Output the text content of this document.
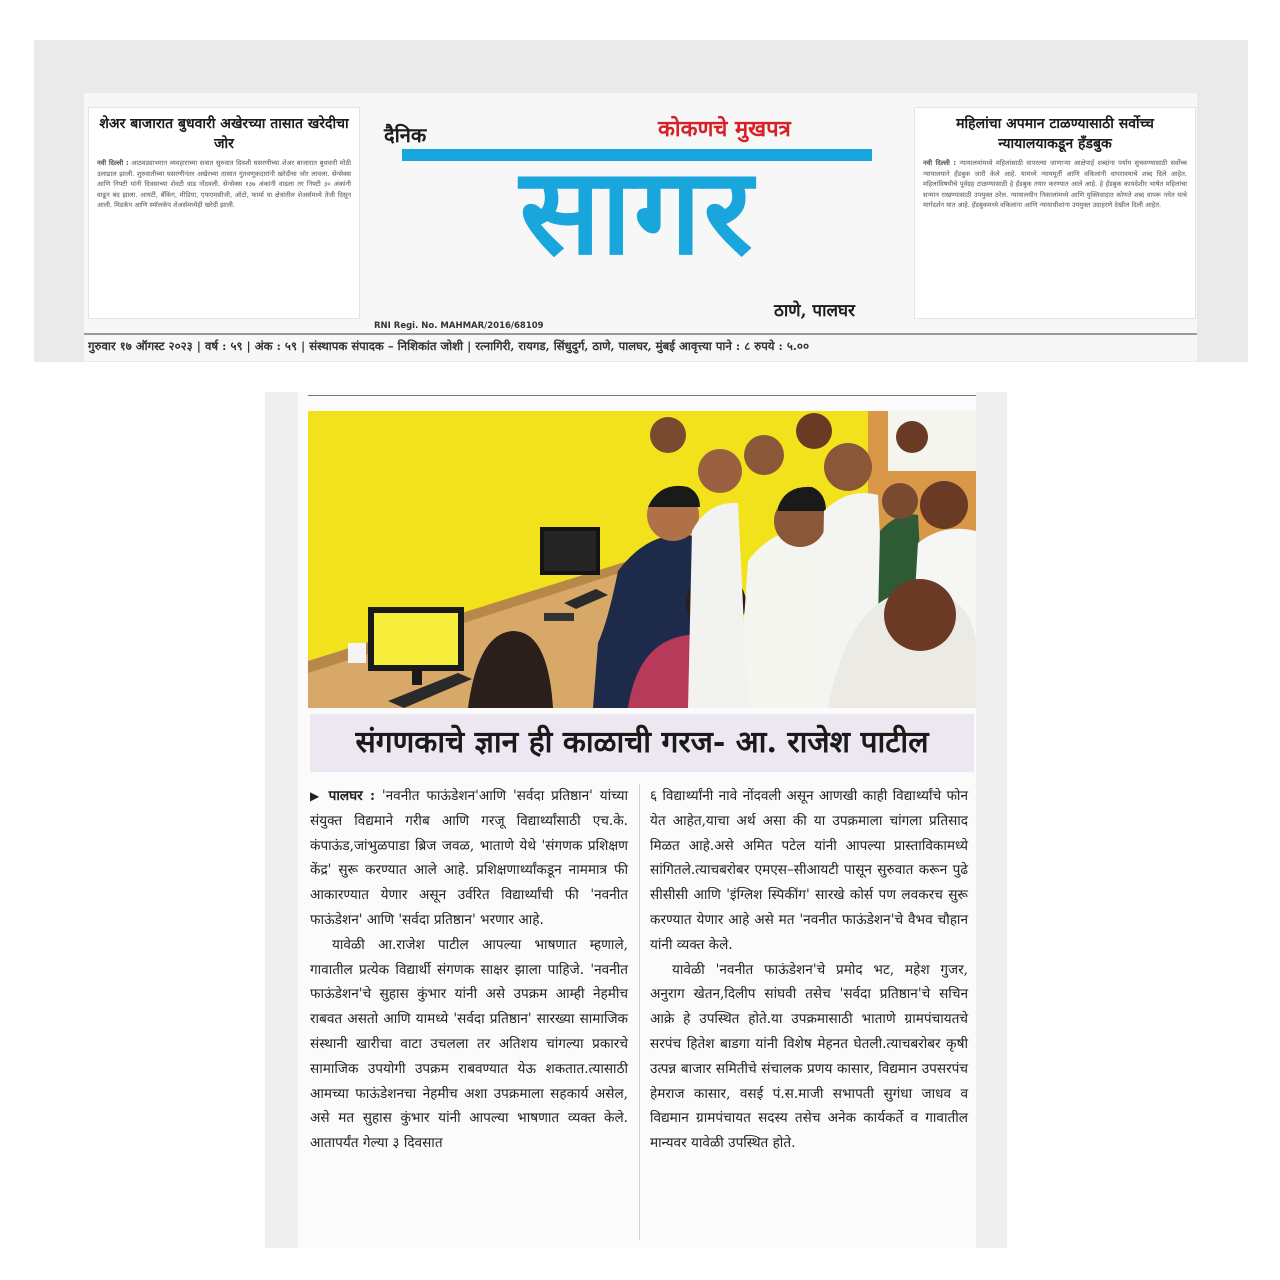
शेअर बाजारात बुधवारी अखेरच्या तासात खरेदीचा जोर
नवी दिल्ली : आठवड्याभरात व्यवहाराच्या सत्रात सुरुवात दिवशी घसरणीच्या शेअर बाजारात बुधवारी मोठी उलाढाल झाली. शुरुवातीच्या घसरणीनंतर अखेरच्या तासात गुंतवणूकदारांनी खरेदीचा जोर लावला. सेन्सेक्स आणि निफ्टी यांनी दिवसाच्या शेवटी वाढ नोंदवली. सेन्सेक्स १३७ अंकांनी वाढला तर निफ्टी ३० अंकांनी वाढून बंद झाला. आयटी, बँकिंग, मीडिया, एफएमसीजी, ऑटो, फार्मा या क्षेत्रांतील शेअर्समध्ये तेजी दिसून आली. मिडकॅप आणि स्मॉलकॅप शेअर्समध्येही खरेदी झाली.
दैनिक	कोकणचे मुखपत्र
सागर
ठाणे, पालघर
RNI Regi. No. MAHMAR/2016/68109
महिलांचा अपमान टाळण्यासाठी सर्वोच्च न्यायालयाकडून हँडबुक
नवी दिल्ली : न्यायालयांमध्ये महिलांसाठी वापरल्या जाणाऱ्या आक्षेपार्ह शब्दांना पर्याय सुचवण्यासाठी सर्वोच्च न्यायालयाने हँडबुक जारी केले आहे. यामध्ये न्यायमूर्ती आणि वकिलांनी वापरावयाचे शब्द दिले आहेत. महिलांविषयीचे पूर्वग्रह टाळण्यासाठी हे हँडबुक तयार करण्यात आले आहे. हे हँडबुक कायदेशीर भाषेत महिलांचा सन्मान राखण्यासाठी उपयुक्त ठरेल. न्यायालयीन निकालांमध्ये आणि युक्तिवादात कोणते शब्द वापरू नयेत याचे मार्गदर्शन यात आहे. हँडबुकमध्ये वकिलांना आणि न्यायाधीशांना उपयुक्त उदाहरणे देखील दिली आहेत.
गुरुवार १७ ऑगस्ट २०२३ | वर्ष : ५९ | अंक : ५९ | संस्थापक संपादक – निशिकांत जोशी | रत्नागिरी, रायगड, सिंधुदुर्ग, ठाणे, पालघर, मुंबई आवृत्त्या पाने : ८ रुपये : ५.००
संगणकाचे ज्ञान ही काळाची गरज- आ. राजेश पाटील

▶ पालघर : 'नवनीत फाऊंडेशन'आणि 'सर्वदा प्रतिष्ठान' यांच्या संयुक्त विद्यमाने गरीब आणि गरजू विद्यार्थ्यांसाठी एच.के. कंपाऊंड,जांभुळपाडा ब्रिज जवळ, भाताणे येथे 'संगणक प्रशिक्षण केंद्र' सुरू करण्यात आले आहे. प्रशिक्षणार्थ्यांकडून नाममात्र फी आकारण्यात येणार असून उर्वरित विद्यार्थ्यांची फी 'नवनीत फाऊंडेशन' आणि 'सर्वदा प्रतिष्ठान' भरणार आहे.

यावेळी आ.राजेश पाटील आपल्या भाषणात म्हणाले, गावातील प्रत्येक विद्यार्थी संगणक साक्षर झाला पाहिजे. 'नवनीत फाऊंडेशन'चे सुहास कुंभार यांनी असे उपक्रम आम्ही नेहमीच राबवत असतो आणि यामध्ये 'सर्वदा प्रतिष्ठान' सारख्या सामाजिक संस्थानी खारीचा वाटा उचलला तर अतिशय चांगल्या प्रकारचे सामाजिक उपयोगी उपक्रम राबवण्यात येऊ शकतात.त्यासाठी आमच्या फाऊंडेशनचा नेहमीच अशा उपक्रमाला सहकार्य असेल, असे मत सुहास कुंभार यांनी आपल्या भाषणात व्यक्त केले. आतापर्यंत गेल्या ३ दिवसात

६ विद्यार्थ्यांनी नावे नोंदवली असून आणखी काही विद्यार्थ्यांचे फोन येत आहेत,याचा अर्थ असा की या उपक्रमाला चांगला प्रतिसाद मिळत आहे.असे अमित पटेल यांनी आपल्या प्रास्ताविकामध्ये सांगितले.त्याचबरोबर एमएस–सीआयटी पासून सुरुवात करून पुढे सीसीसी आणि 'इंग्लिश स्पिकींग' सारखे कोर्स पण लवकरच सुरू करण्यात येणार आहे असे मत 'नवनीत फाऊंडेशन'चे वैभव चौहान यांनी व्यक्त केले.

यावेळी 'नवनीत फाऊंडेशन'चे प्रमोद भट, महेश गुजर, अनुराग खेतन,दिलीप सांघवी तसेच 'सर्वदा प्रतिष्ठान'चे सचिन आक्रे हे उपस्थित होते.या उपक्रमासाठी भाताणे ग्रामपंचायतचे सरपंच हितेश बाडगा यांनी विशेष मेहनत घेतली.त्याचबरोबर कृषी उत्पन्न बाजार समितीचे संचालक प्रणय कासार, विद्यमान उपसरपंच हेमराज कासार, वसई पं.स.माजी सभापती सुगंधा जाधव व विद्यमान ग्रामपंचायत सदस्य तसेच अनेक कार्यकर्ते व गावातील मान्यवर यावेळी उपस्थित होते.
